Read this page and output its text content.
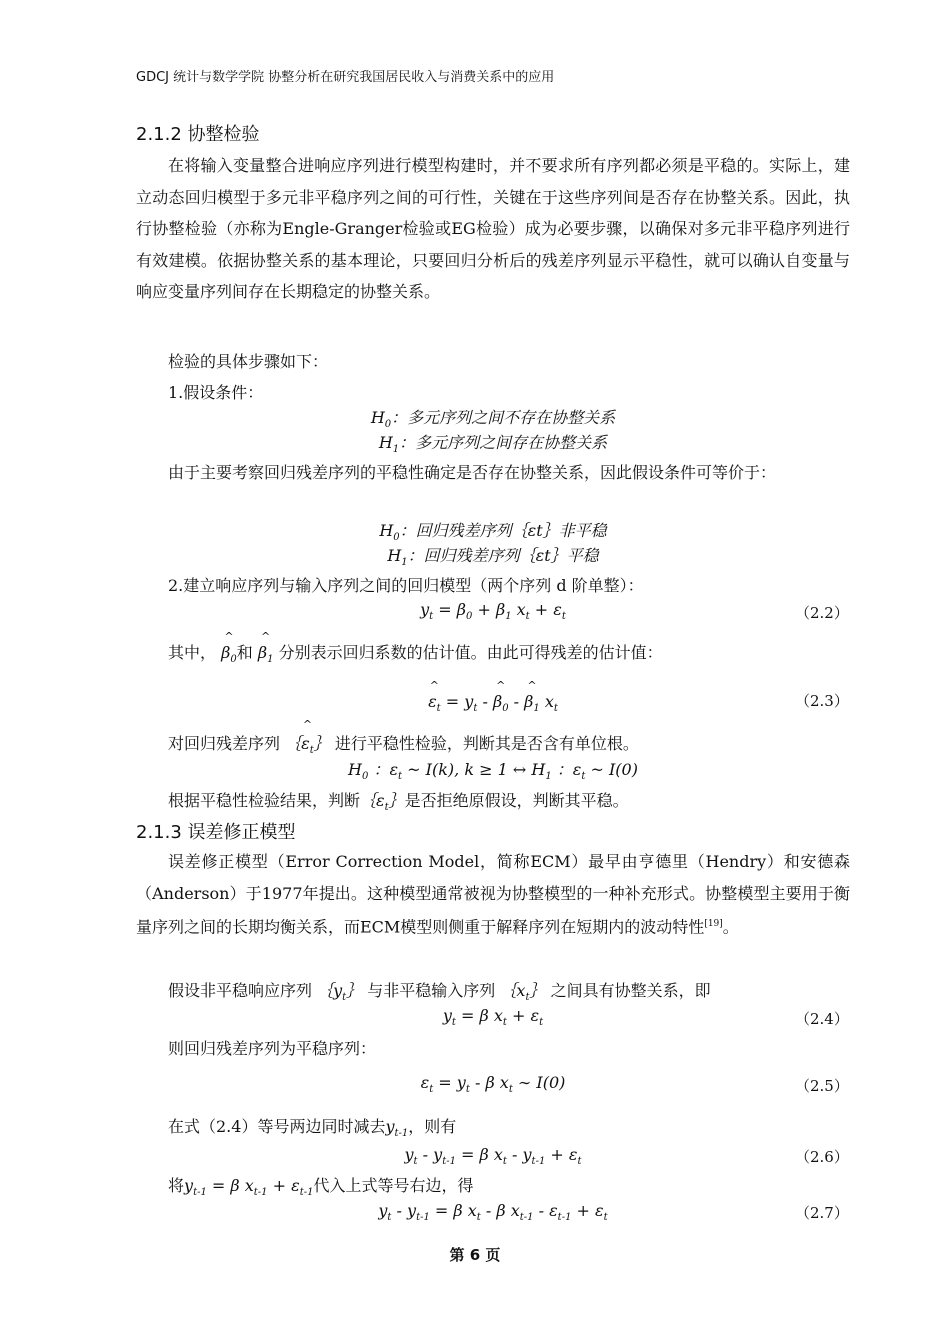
GDCJ 统计与数学学院 协整分析在研究我国居民收入与消费关系中的应用
2.1.2 协整检验

在将输入变量整合进响应序列进行模型构建时，并不要求所有序列都必须是平稳的。实际上，建立动态回归模型于多元非平稳序列之间的可行性，关键在于这些序列间是否存在协整关系。因此，执行协整检验（亦称为Engle-Granger检验或EG检验）成为必要步骤，以确保对多元非平稳序列进行有效建模。依据协整关系的基本理论，只要回归分析后的残差序列显示平稳性，就可以确认自变量与响应变量序列间存在长期稳定的协整关系。

检验的具体步骤如下：
1.假设条件：
$H_0$：多元序列之间不存在协整关系
$H_1$：多元序列之间存在协整关系

由于主要考察回归残差序列的平稳性确定是否存在协整关系，因此假设条件可等价于：

$H_0$：回归残差序列｛εt｝非平稳
$H_1$：回归残差序列｛εt｝平稳
2.建立响应序列与输入序列之间的回归模型（两个序列 d 阶单整）：
$y_t = \beta_0 + \beta_1$ $x_t + \varepsilon_t$	（2.2）
其中， ^ $\beta_0$和 ^ $\beta_1$ 分别表示回归系数的估计值。由此可得残差的估计值：
^ $\varepsilon_t = y_t$ - ^ $\beta_0$ - ^ $\beta_1$ $x_t$	（2.3）
对回归残差序列 ^ $\{\varepsilon_t\}$ 进行平稳性检验，判断其是否含有单位根。
$H_0$ ：$\varepsilon_t$ ~ I(k), k ≥ 1 ↔ $H_1$ ：$\varepsilon_t$ ~ I(0)
根据平稳性检验结果，判断$\{\varepsilon_t\}$是否拒绝原假设，判断其平稳。
2.1.3 误差修正模型

误差修正模型（Error Correction Model，简称ECM）最早由亨德里（Hendry）和安德森（Anderson）于1977年提出。这种模型通常被视为协整模型的一种补充形式。协整模型主要用于衡量序列之间的长期均衡关系，而ECM模型则侧重于解释序列在短期内的波动特性[19]。

假设非平稳响应序列 $\{y_t\}$ 与非平稳输入序列 $\{x_t\}$ 之间具有协整关系，即
$y_t = \beta$ $x_t + \varepsilon_t$	（2.4）
则回归残差序列为平稳序列：
$\varepsilon_t = y_t - \beta$ $x_t$ ∼ I(0)	（2.5）
在式（2.4）等号两边同时减去$y_{t-1}$，则有
$y_t - y_{t-1} = \beta$ $x_t - y_{t-1} + \varepsilon_t$	（2.6）
将$y_{t-1} = \beta$ $x_{t-1} + \varepsilon_{t-1}$代入上式等号右边，得
$y_t - y_{t-1} = \beta$ $x_t$ - β $x_{t-1} - \varepsilon_{t-1} + \varepsilon_t$	（2.7）
第 6 页
